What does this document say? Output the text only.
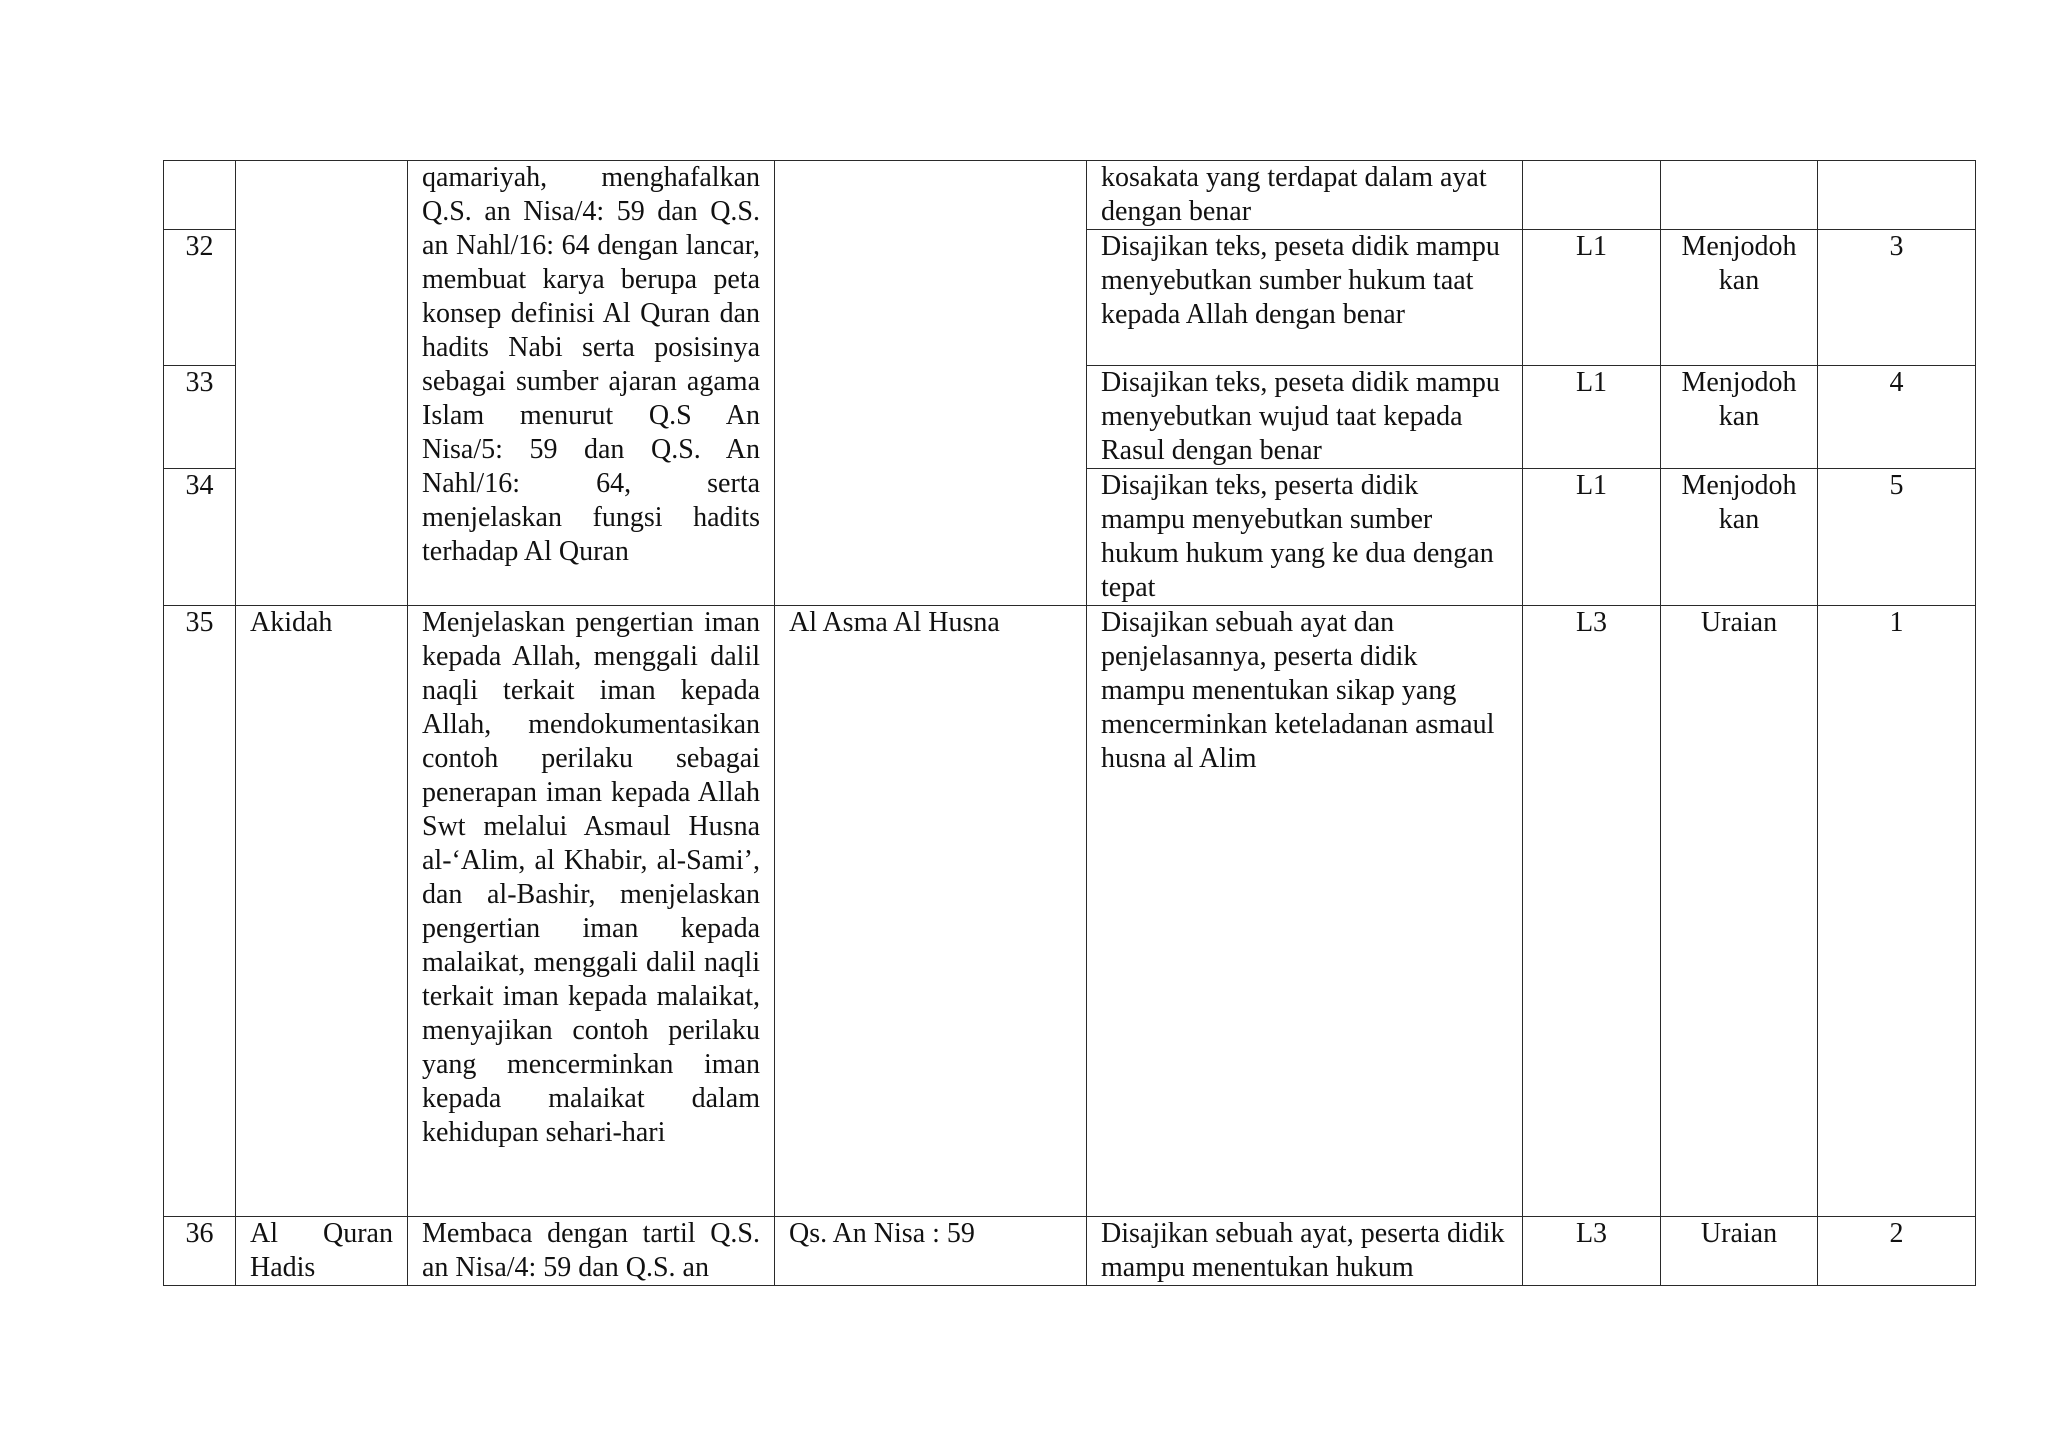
		qamariyah, menghafalkan Q.S. an Nisa/4: 59 dan Q.S. an Nahl/16: 64 dengan lancar, membuat karya berupa peta konsep definisi Al Quran dan hadits Nabi serta posisinya sebagai sumber ajaran agama Islam menurut Q.S An Nisa/5: 59 dan Q.S. An Nahl/16: 64, serta menjelaskan fungsi hadits terhadap Al Quran		kosakata yang terdapat dalam ayat dengan benar			
32				Disajikan teks, peseta didik mampu menyebutkan sumber hukum taat kepada Allah dengan benar	L1	Menjodoh kan	3
33				Disajikan teks, peseta didik mampu menyebutkan wujud taat kepada Rasul dengan benar	L1	Menjodoh kan	4
34				Disajikan teks, peserta didik mampu menyebutkan sumber hukum hukum yang ke dua dengan tepat	L1	Menjodoh kan	5
35	Akidah	Menjelaskan pengertian iman kepada Allah, menggali dalil naqli terkait iman kepada Allah, mendokumentasikan contoh perilaku sebagai penerapan iman kepada Allah Swt melalui Asmaul Husna al-‘Alim, al Khabir, al-Sami’, dan al-Bashir, menjelaskan pengertian iman kepada malaikat, menggali dalil naqli terkait iman kepada malaikat, menyajikan contoh perilaku yang mencerminkan iman kepada malaikat dalam kehidupan sehari-hari	Al Asma Al Husna	Disajikan sebuah ayat dan penjelasannya, peserta didik mampu menentukan sikap yang mencerminkan keteladanan asmaul husna al Alim	L3	Uraian	1
36	Al Quran Hadis	Membaca dengan tartil Q.S. an Nisa/4: 59 dan Q.S. an	Qs. An Nisa : 59	Disajikan sebuah ayat, peserta didik mampu menentukan hukum	L3	Uraian	2
